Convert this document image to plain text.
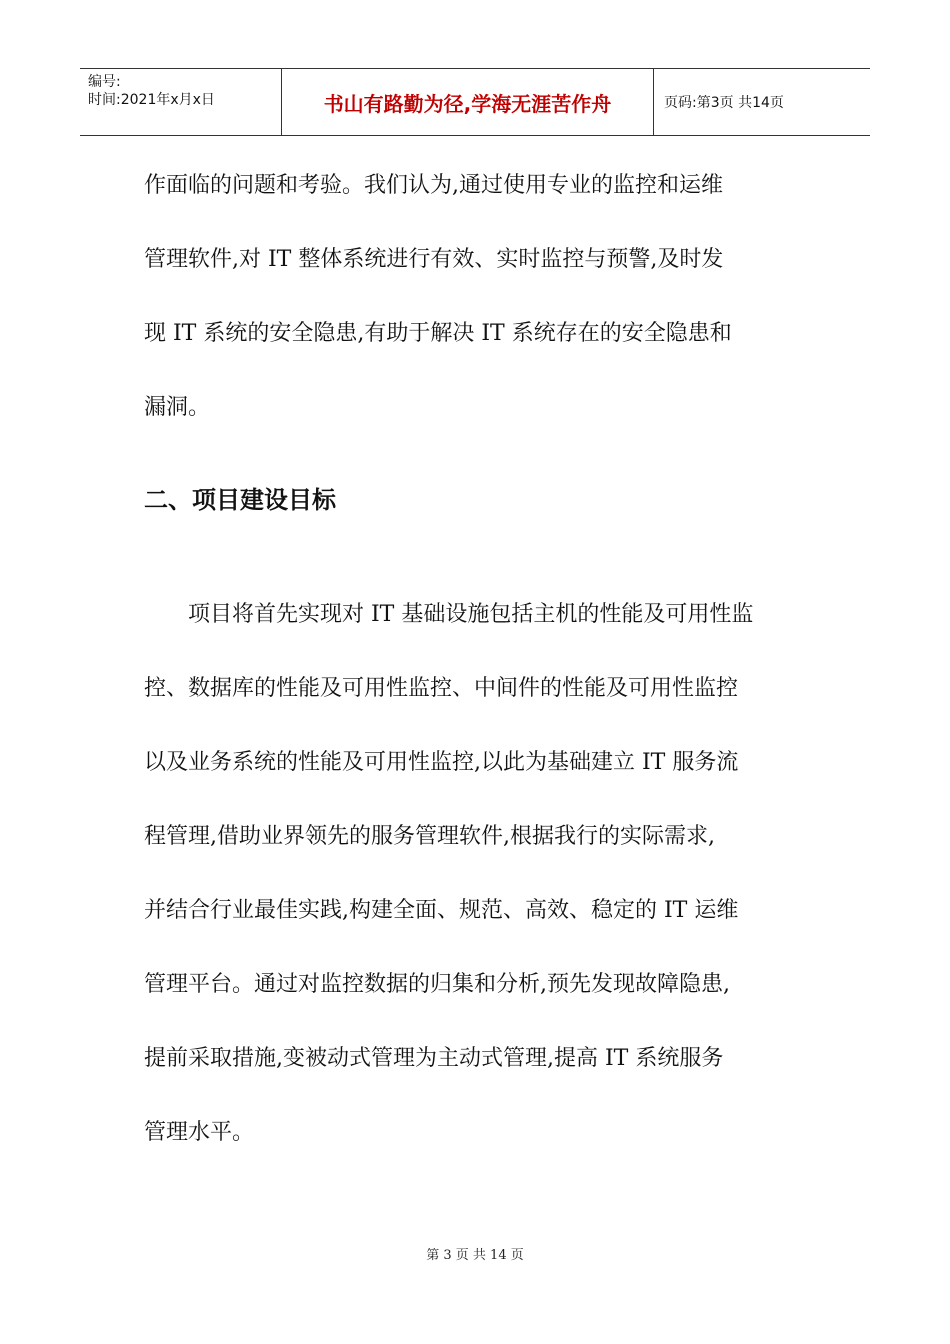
编号:
时间:2021年x月x日	书山有路勤为径,学海无涯苦作舟	页码:第3页 共14页

作面临的问题和考验。我们认为,通过使用专业的监控和运维
管理软件,对 IT 整体系统进行有效、实时监控与预警,及时发
现 IT 系统的安全隐患,有助于解决 IT 系统存在的安全隐患和
漏洞。

二、项目建设目标

　　项目将首先实现对 IT 基础设施包括主机的性能及可用性监
控、数据库的性能及可用性监控、中间件的性能及可用性监控
以及业务系统的性能及可用性监控,以此为基础建立 IT 服务流
程管理,借助业界领先的服务管理软件,根据我行的实际需求,
并结合行业最佳实践,构建全面、规范、高效、稳定的 IT 运维
管理平台。通过对监控数据的归集和分析,预先发现故障隐患,
提前采取措施,变被动式管理为主动式管理,提高 IT 系统服务
管理水平。

第 3 页 共 14 页
